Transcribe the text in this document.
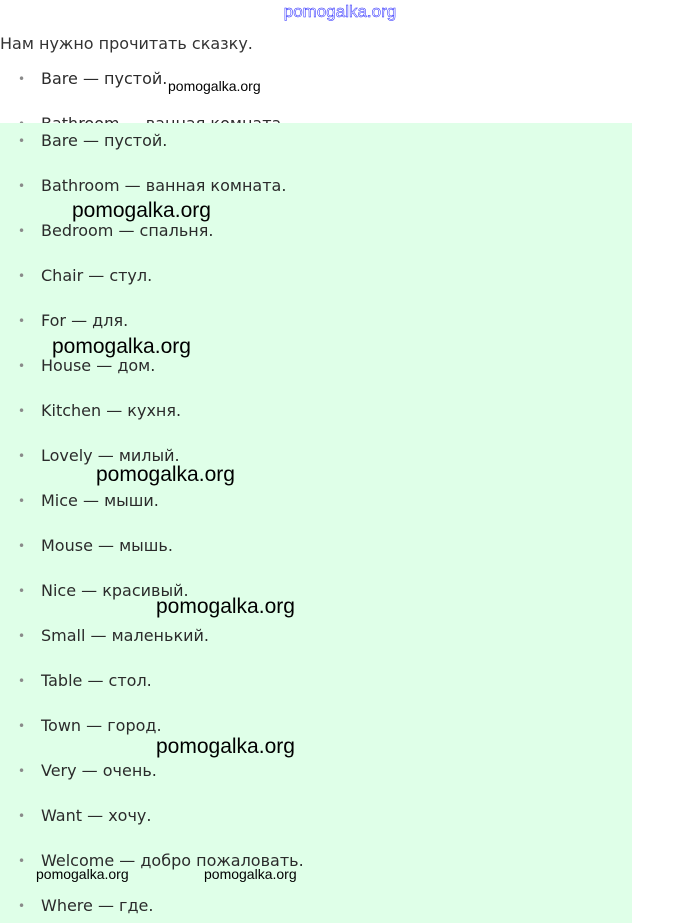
pomogalka.org
Нам нужно прочитать сказку.
• Bare — пустой.
• Bare — пустой.
• Bathroom — ванная комната.
• Bedroom — спальня.
• Chair — стул.
• For — для.
• House — дом.
• Kitchen — кухня.
• Lovely — милый.
• Mice — мыши.
• Mouse — мышь.
• Nice — красивый.
• Small — маленький.
• Table — стол.
• Town — город.
• Very — очень.
• Want — хочу.
• Welcome — добро пожаловать.
• Where — где.
pomogalka.org
pomogalka.org
pomogalka.org
pomogalka.org
pomogalka.org
pomogalka.org
pomogalka.org	pomogalka.org
